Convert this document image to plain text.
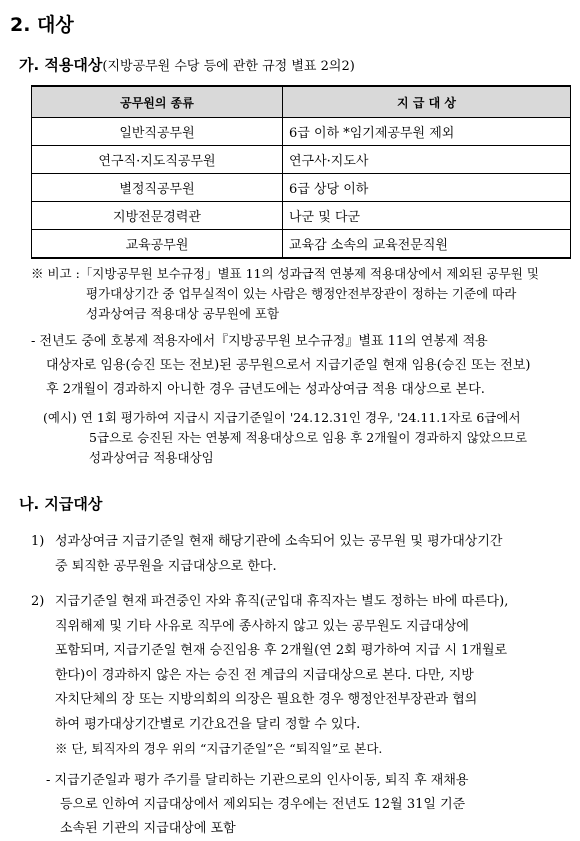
2. 대상
가. 적용대상(지방공무원 수당 등에 관한 규정 별표 2의2)
공무원의 종류	지 급 대 상
일반직공무원	6급 이하 *임기제공무원 제외
연구직·지도직공무원	연구사·지도사
별정직공무원	6급 상당 이하
지방전문경력관	나군 및 다군
교육공무원	교육감 소속의 교육전문직원
※ 비고 :「지방공무원 보수규정」별표 11의 성과급적 연봉제 적용대상에서 제외된 공무원 및
평가대상기간 중 업무실적이 있는 사람은 행정안전부장관이 정하는 기준에 따라
성과상여금 적용대상 공무원에 포함
- 전년도 중에 호봉제 적용자에서『지방공무원 보수규정』별표 11의 연봉제 적용
대상자로 임용(승진 또는 전보)된 공무원으로서 지급기준일 현재 임용(승진 또는 전보)
후 2개월이 경과하지 아니한 경우 금년도에는 성과상여금 적용 대상으로 본다.
(예시) 연 1회 평가하여 지급시 지급기준일이 '24.12.31인 경우, '24.11.1자로 6급에서
5급으로 승진된 자는 연봉제 적용대상으로 임용 후 2개월이 경과하지 않았으므로
성과상여금 적용대상임
나. 지급대상
1) 성과상여금 지급기준일 현재 해당기관에 소속되어 있는 공무원 및 평가대상기간
중 퇴직한 공무원을 지급대상으로 한다.
2) 지급기준일 현재 파견중인 자와 휴직(군입대 휴직자는 별도 정하는 바에 따른다),
직위해제 및 기타 사유로 직무에 종사하지 않고 있는 공무원도 지급대상에
포함되며, 지급기준일 현재 승진임용 후 2개월(연 2회 평가하여 지급 시 1개월로
한다)이 경과하지 않은 자는 승진 전 계급의 지급대상으로 본다. 다만, 지방
자치단체의 장 또는 지방의회의 의장은 필요한 경우 행정안전부장관과 협의
하여 평가대상기간별로 기간요건을 달리 정할 수 있다.
※ 단, 퇴직자의 경우 위의 “지급기준일”은 “퇴직일”로 본다.
- 지급기준일과 평가 주기를 달리하는 기관으로의 인사이동, 퇴직 후 재채용
등으로 인하여 지급대상에서 제외되는 경우에는 전년도 12월 31일 기준
소속된 기관의 지급대상에 포함
